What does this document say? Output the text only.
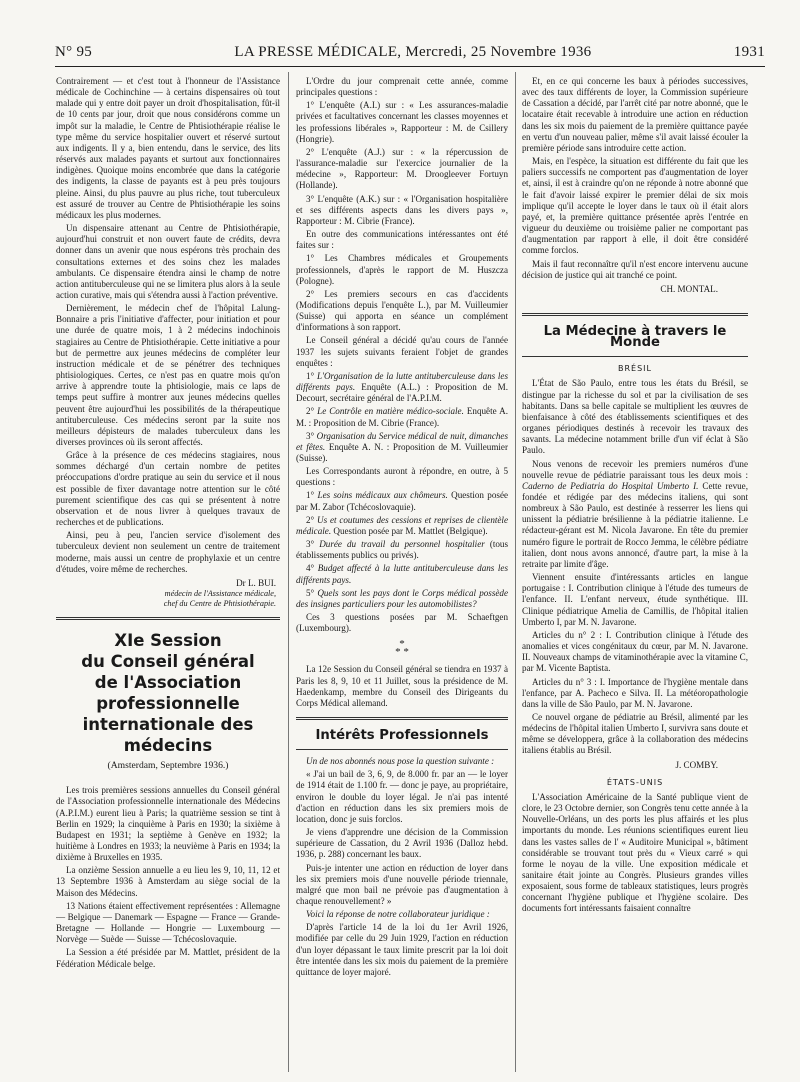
N° 95	LA PRESSE MÉDICALE, Mercredi, 25 Novembre 1936	1931

Contrairement — et c'est tout à l'honneur de l'Assistance médicale de Cochinchine — à certains dispensaires où tout malade qui y entre doit payer un droit d'hospitalisation, fût-il de 10 cents par jour, droit que nous considérons comme un impôt sur la maladie, le Centre de Phtisiothérapie réalise le type même du service hospitalier ouvert et réservé surtout aux indigents. Il y a, bien entendu, dans le service, des lits réservés aux malades payants et surtout aux fonctionnaires indigènes. Quoique moins encombrée que dans la catégorie des indigents, la classe de payants est à peu près toujours pleine. Ainsi, du plus pauvre au plus riche, tout tuberculeux est assuré de trouver au Centre de Phtisiothérapie les soins médicaux les plus modernes.

Un dispensaire attenant au Centre de Phtisiothérapie, aujourd'hui construit et non ouvert faute de crédits, devra donner dans un avenir que nous espérons très prochain des consultations externes et des soins chez les malades ambulants. Ce dispensaire étendra ainsi le champ de notre action antituberculeuse qui ne se limitera plus alors à la seule action curative, mais qui s'étendra aussi à l'action préventive.

Dernièrement, le médecin chef de l'hôpital Lalung-Bonnaire a pris l'initiative d'affecter, pour initiation et pour une durée de quatre mois, 1 à 2 médecins indochinois stagiaires au Centre de Phtisiothérapie. Cette initiative a pour but de permettre aux jeunes médecins de compléter leur instruction médicale et de se pénétrer des techniques phtisiologiques. Certes, ce n'est pas en quatre mois qu'on arrive à apprendre toute la phtisiologie, mais ce laps de temps peut suffire à montrer aux jeunes médecins quelles peuvent être aujourd'hui les possibilités de la thérapeutique antituberculeuse. Ces médecins seront par la suite nos meilleurs dépisteurs de malades tuberculeux dans les diverses provinces où ils seront affectés.

Grâce à la présence de ces médecins stagiaires, nous sommes déchargé d'un certain nombre de petites préoccupations d'ordre pratique au sein du service et il nous est possible de fixer davantage notre attention sur le côté purement scientifique des cas qui se présentent à notre observation et de nous livrer à quelques travaux de recherches et de publications.

Ainsi, peu à peu, l'ancien service d'isolement des tuberculeux devient non seulement un centre de traitement moderne, mais aussi un centre de prophylaxie et un centre d'études, voire même de recherches.

Dr L. BUI.
médecin de l'Assistance médicale,
chef du Centre de Phtisiothérapie.
XIe Session
du Conseil général
de l'Association professionnelle
internationale des médecins
(Amsterdam, Septembre 1936.)

Les trois premières sessions annuelles du Conseil général de l'Association professionnelle internationale des Médecins (A.P.I.M.) eurent lieu à Paris; la quatrième session se tint à Berlin en 1929; la cinquième à Paris en 1930; la sixième à Budapest en 1931; la septième à Genève en 1932; la huitième à Londres en 1933; la neuvième à Paris en 1934; la dixième à Bruxelles en 1935.

La onzième Session annuelle a eu lieu les 9, 10, 11, 12 et 13 Septembre 1936 à Amsterdam au siège social de la Maison des Médecins.

13 Nations étaient effectivement représentées : Allemagne — Belgique — Danemark — Espagne — France — Grande-Bretagne — Hollande — Hongrie — Luxembourg — Norvège — Suède — Suisse — Tchécoslovaquie.

La Session a été présidée par M. Mattlet, président de la Fédération Médicale belge.

L'Ordre du jour comprenait cette année, comme principales questions :

1° L'enquête (A.I.) sur : « Les assurances-maladie privées et facultatives concernant les classes moyennes et les professions libérales », Rapporteur : M. de Csillery (Hongrie).

2° L'enquête (A.J.) sur : « la répercussion de l'assurance-maladie sur l'exercice journalier de la médecine », Rapporteur: M. Droogleever Fortuyn (Hollande).

3° L'enquête (A.K.) sur : « l'Organisation hospitalière et ses différents aspects dans les divers pays », Rapporteur : M. Cibrie (France).

En outre des communications intéressantes ont été faites sur :

1° Les Chambres médicales et Groupements professionnels, d'après le rapport de M. Huszcza (Pologne).

2° Les premiers secours en cas d'accidents (Modifications depuis l'enquête L.), par M. Vuilleumier (Suisse) qui apporta en séance un complément d'informations à son rapport.

Le Conseil général a décidé qu'au cours de l'année 1937 les sujets suivants feraient l'objet de grandes enquêtes :

1° L'Organisation de la lutte antituberculeuse dans les différents pays. Enquête (A.L.) : Proposition de M. Decourt, secrétaire général de l'A.P.I.M.

2° Le Contrôle en matière médico-sociale. Enquête A. M. : Proposition de M. Cibrie (France).

3° Organisation du Service médical de nuit, dimanches et fêtes. Enquête A. N. : Proposition de M. Vuilleumier (Suisse).

Les Correspondants auront à répondre, en outre, à 5 questions :

1° Les soins médicaux aux chômeurs. Question posée par M. Zabor (Tchécoslovaquie).

2° Us et coutumes des cessions et reprises de clientèle médicale. Question posée par M. Mattlet (Belgique).

3° Durée du travail du personnel hospitalier (tous établissements publics ou privés).

4° Budget affecté à la lutte antituberculeuse dans les différents pays.

5° Quels sont les pays dont le Corps médical possède des insignes particuliers pour les automobilistes?

Ces 3 questions posées par M. Schaeftgen (Luxembourg).

*
* *

La 12e Session du Conseil général se tiendra en 1937 à Paris les 8, 9, 10 et 11 Juillet, sous la présidence de M. Haedenkamp, membre du Conseil des Dirigeants du Corps Médical allemand.

Intérêts Professionnels

Un de nos abonnés nous pose la question suivante :

« J'ai un bail de 3, 6, 9, de 8.000 fr. par an — le loyer de 1914 était de 1.100 fr. — donc je paye, au propriétaire, environ le double du loyer légal. Je n'ai pas intenté d'action en réduction dans les six premiers mois de location, donc je suis forclos.

Je viens d'apprendre une décision de la Commission supérieure de Cassation, du 2 Avril 1936 (Dalloz hebd. 1936, p. 288) concernant les baux.

Puis-je intenter une action en réduction de loyer dans les six premiers mois d'une nouvelle période triennale, malgré que mon bail ne prévoie pas d'augmentation à chaque renouvellement? »

Voici la réponse de notre collaborateur juridique :

D'après l'article 14 de la loi du 1er Avril 1926, modifiée par celle du 29 Juin 1929, l'action en réduction d'un loyer dépassant le taux limite prescrit par la loi doit être intentée dans les six mois du paiement de la première quittance de loyer majoré.

Et, en ce qui concerne les baux à périodes successives, avec des taux différents de loyer, la Commission supérieure de Cassation a décidé, par l'arrêt cité par notre abonné, que le locataire était recevable à introduire une action en réduction dans les six mois du paiement de la première quittance payée en vertu d'un nouveau palier, même s'il avait laissé écouler la première période sans introduire cette action.

Mais, en l'espèce, la situation est différente du fait que les paliers successifs ne comportent pas d'augmentation de loyer et, ainsi, il est à craindre qu'on ne réponde à notre abonné que le fait d'avoir laissé expirer le premier délai de six mois implique qu'il accepte le loyer dans le taux où il était alors payé, et, la première quittance présentée après l'entrée en vigueur du deuxième ou troisième palier ne comportant pas d'augmentation par rapport à elle, il doit être considéré comme forclos.

Mais il faut reconnaître qu'il n'est encore intervenu aucune décision de justice qui ait tranché ce point.

CH. MONTAL.
La Médecine à travers le Monde
BRÉSIL

L'État de São Paulo, entre tous les états du Brésil, se distingue par la richesse du sol et par la civilisation de ses habitants. Dans sa belle capitale se multiplient les œuvres de bienfaisance à côté des établissements scientifiques et des organes périodiques destinés à recevoir les travaux des savants. La médecine notamment brille d'un vif éclat à São Paulo.

Nous venons de recevoir les premiers numéros d'une nouvelle revue de pédiatrie paraissant tous les deux mois : Caderno de Pediatria do Hospital Umberto I. Cette revue, fondée et rédigée par des médecins italiens, qui sont nombreux à São Paulo, est destinée à resserrer les liens qui unissent la pédiatrie brésilienne à la pédiatrie italienne. Le rédacteur-gérant est M. Nicola Javarone. En tête du premier numéro figure le portrait de Rocco Jemma, le célèbre pédiatre italien, dont nous avons annoncé, d'autre part, la mise à la retraite par limite d'âge.

Viennent ensuite d'intéressants articles en langue portugaise : I. Contribution clinique à l'étude des tumeurs de l'enfance. II. L'enfant nerveux, étude synthétique. III. Clinique pédiatrique Amelia de Camillis, de l'hôpital italien Umberto I, par M. N. Javarone.

Articles du n° 2 : I. Contribution clinique à l'étude des anomalies et vices congénitaux du cœur, par M. N. Javarone. II. Nouveaux champs de vitaminothérapie avec la vitamine C, par M. Vicente Baptista.

Articles du n° 3 : I. Importance de l'hygiène mentale dans l'enfance, par A. Pacheco e Silva. II. La météoropathologie dans la ville de São Paulo, par M. N. Javarone.

Ce nouvel organe de pédiatrie au Brésil, alimenté par les médecins de l'hôpital italien Umberto I, survivra sans doute et même se développera, grâce à la collaboration des médecins italiens établis au Brésil.

J. COMBY.
ÉTATS-UNIS

L'Association Américaine de la Santé publique vient de clore, le 23 Octobre dernier, son Congrès tenu cette année à la Nouvelle-Orléans, un des ports les plus affairés et les plus importants du monde. Les réunions scientifiques eurent lieu dans les vastes salles de l' « Auditoire Municipal », bâtiment considérable se trouvant tout près du « Vieux carré » qui forme le noyau de la ville. Une exposition médicale et sanitaire était jointe au Congrès. Plusieurs grandes villes exposaient, sous forme de tableaux statistiques, leurs progrès concernant l'hygiène publique et l'hygiène scolaire. Des documents fort intéressants faisaient connaître
